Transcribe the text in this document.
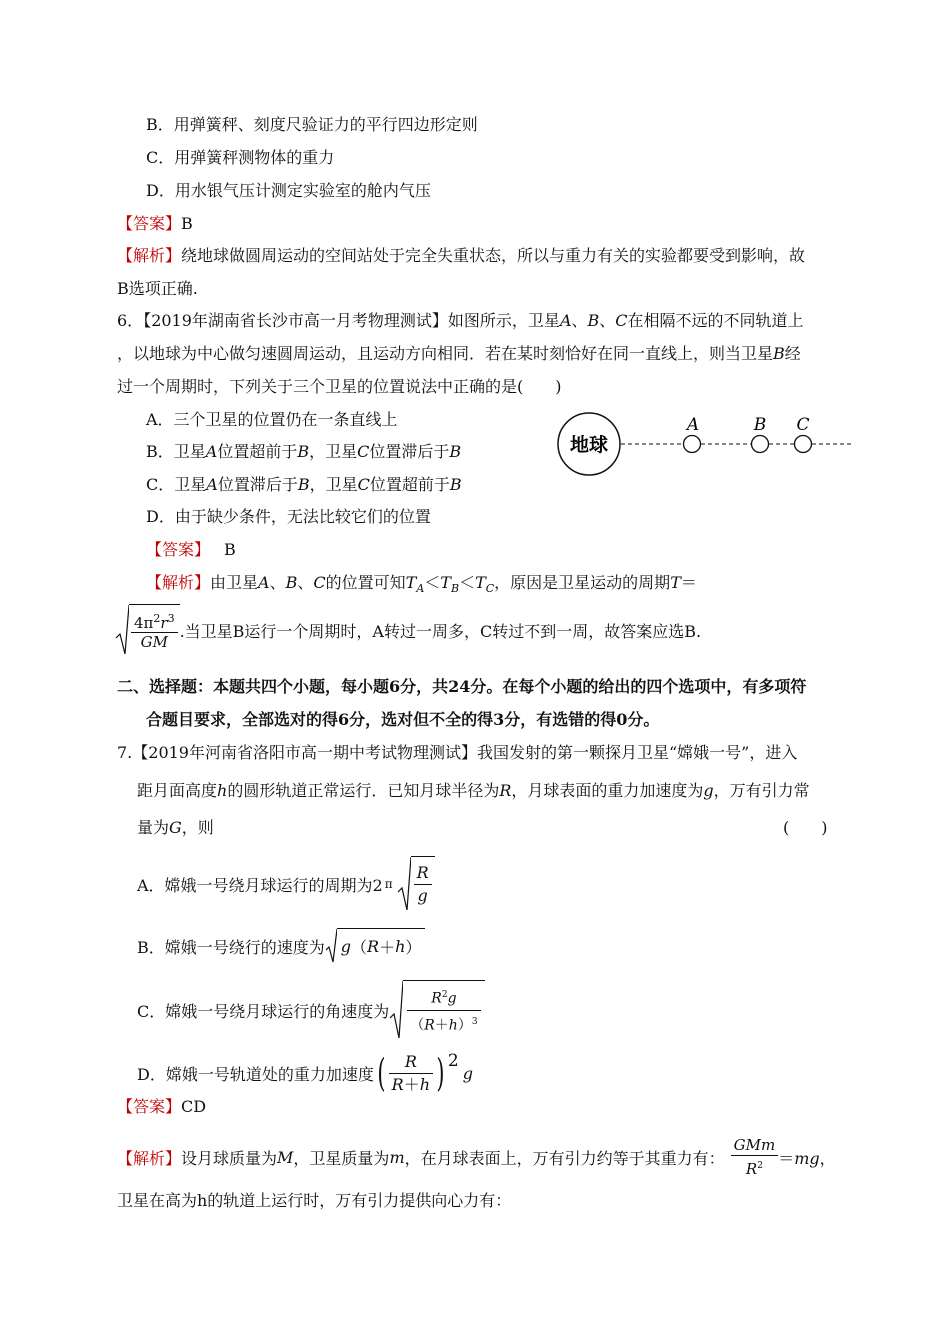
B．用弹簧秤、刻度尺验证力的平行四边形定则
C．用弹簧秤测物体的重力
D．用水银气压计测定实验室的舱内气压
【答案】B
【解析】绕地球做圆周运动的空间站处于完全失重状态，所以与重力有关的实验都要受到影响，故
B选项正确.
6．【2019年湖南省长沙市高一月考物理测试】如图所示，卫星A、B、C在相隔不远的不同轨道上
，以地球为中心做匀速圆周运动，且运动方向相同．若在某时刻恰好在同一直线上，则当卫星B经
过一个周期时，下列关于三个卫星的位置说法中正确的是(　　)
A．三个卫星的位置仍在一条直线上
B．卫星A位置超前于B，卫星C位置滞后于B
C．卫星A位置滞后于B，卫星C位置超前于B
D．由于缺少条件，无法比较它们的位置
地球
A	B C
【答案】 B
【解析】由卫星A、B、C的位置可知$T_A<T_B<T_C$，原因是卫星运动的周期T＝
$\frac{4\pi^2r^3}{GM}$ .当卫星B运行一个周期时，A转过一周多，C转过不到一周，故答案应选B.
二、选择题：本题共四个小题，每小题6分，共24分。在每个小题的给出的四个选项中，有多项符
合题目要求，全部选对的得6分，选对但不全的得3分，有选错的得0分。
7.【2019年河南省洛阳市高一期中考试物理测试】我国发射的第一颗探月卫星“嫦娥一号”，进入
距月面高度h的圆形轨道正常运行．已知月球半径为R，月球表面的重力加速度为g，万有引力常
量为G，则	(　　)
A．嫦娥一号绕月球运行的周期为2 π $\frac{R}{g}$
B．嫦娥一号绕行的速度为 g （ R ＋ h ）
C．嫦娥一号绕月球运行的角速度为 $\frac{R^2g}{(R+h)^3}$
D．嫦娥一号轨道处的重力加速度 ( $\frac{R}{R+h}$ ) 2
g
【答案】CD
【解析】 设月球质量为 M ，卫星质量为 m ，在月球表面上，万有引力约等于其重力有： $\frac{\text{GMm}}{R^2} =mg$，
卫星在高为h的轨道上运行时，万有引力提供向心力有：
